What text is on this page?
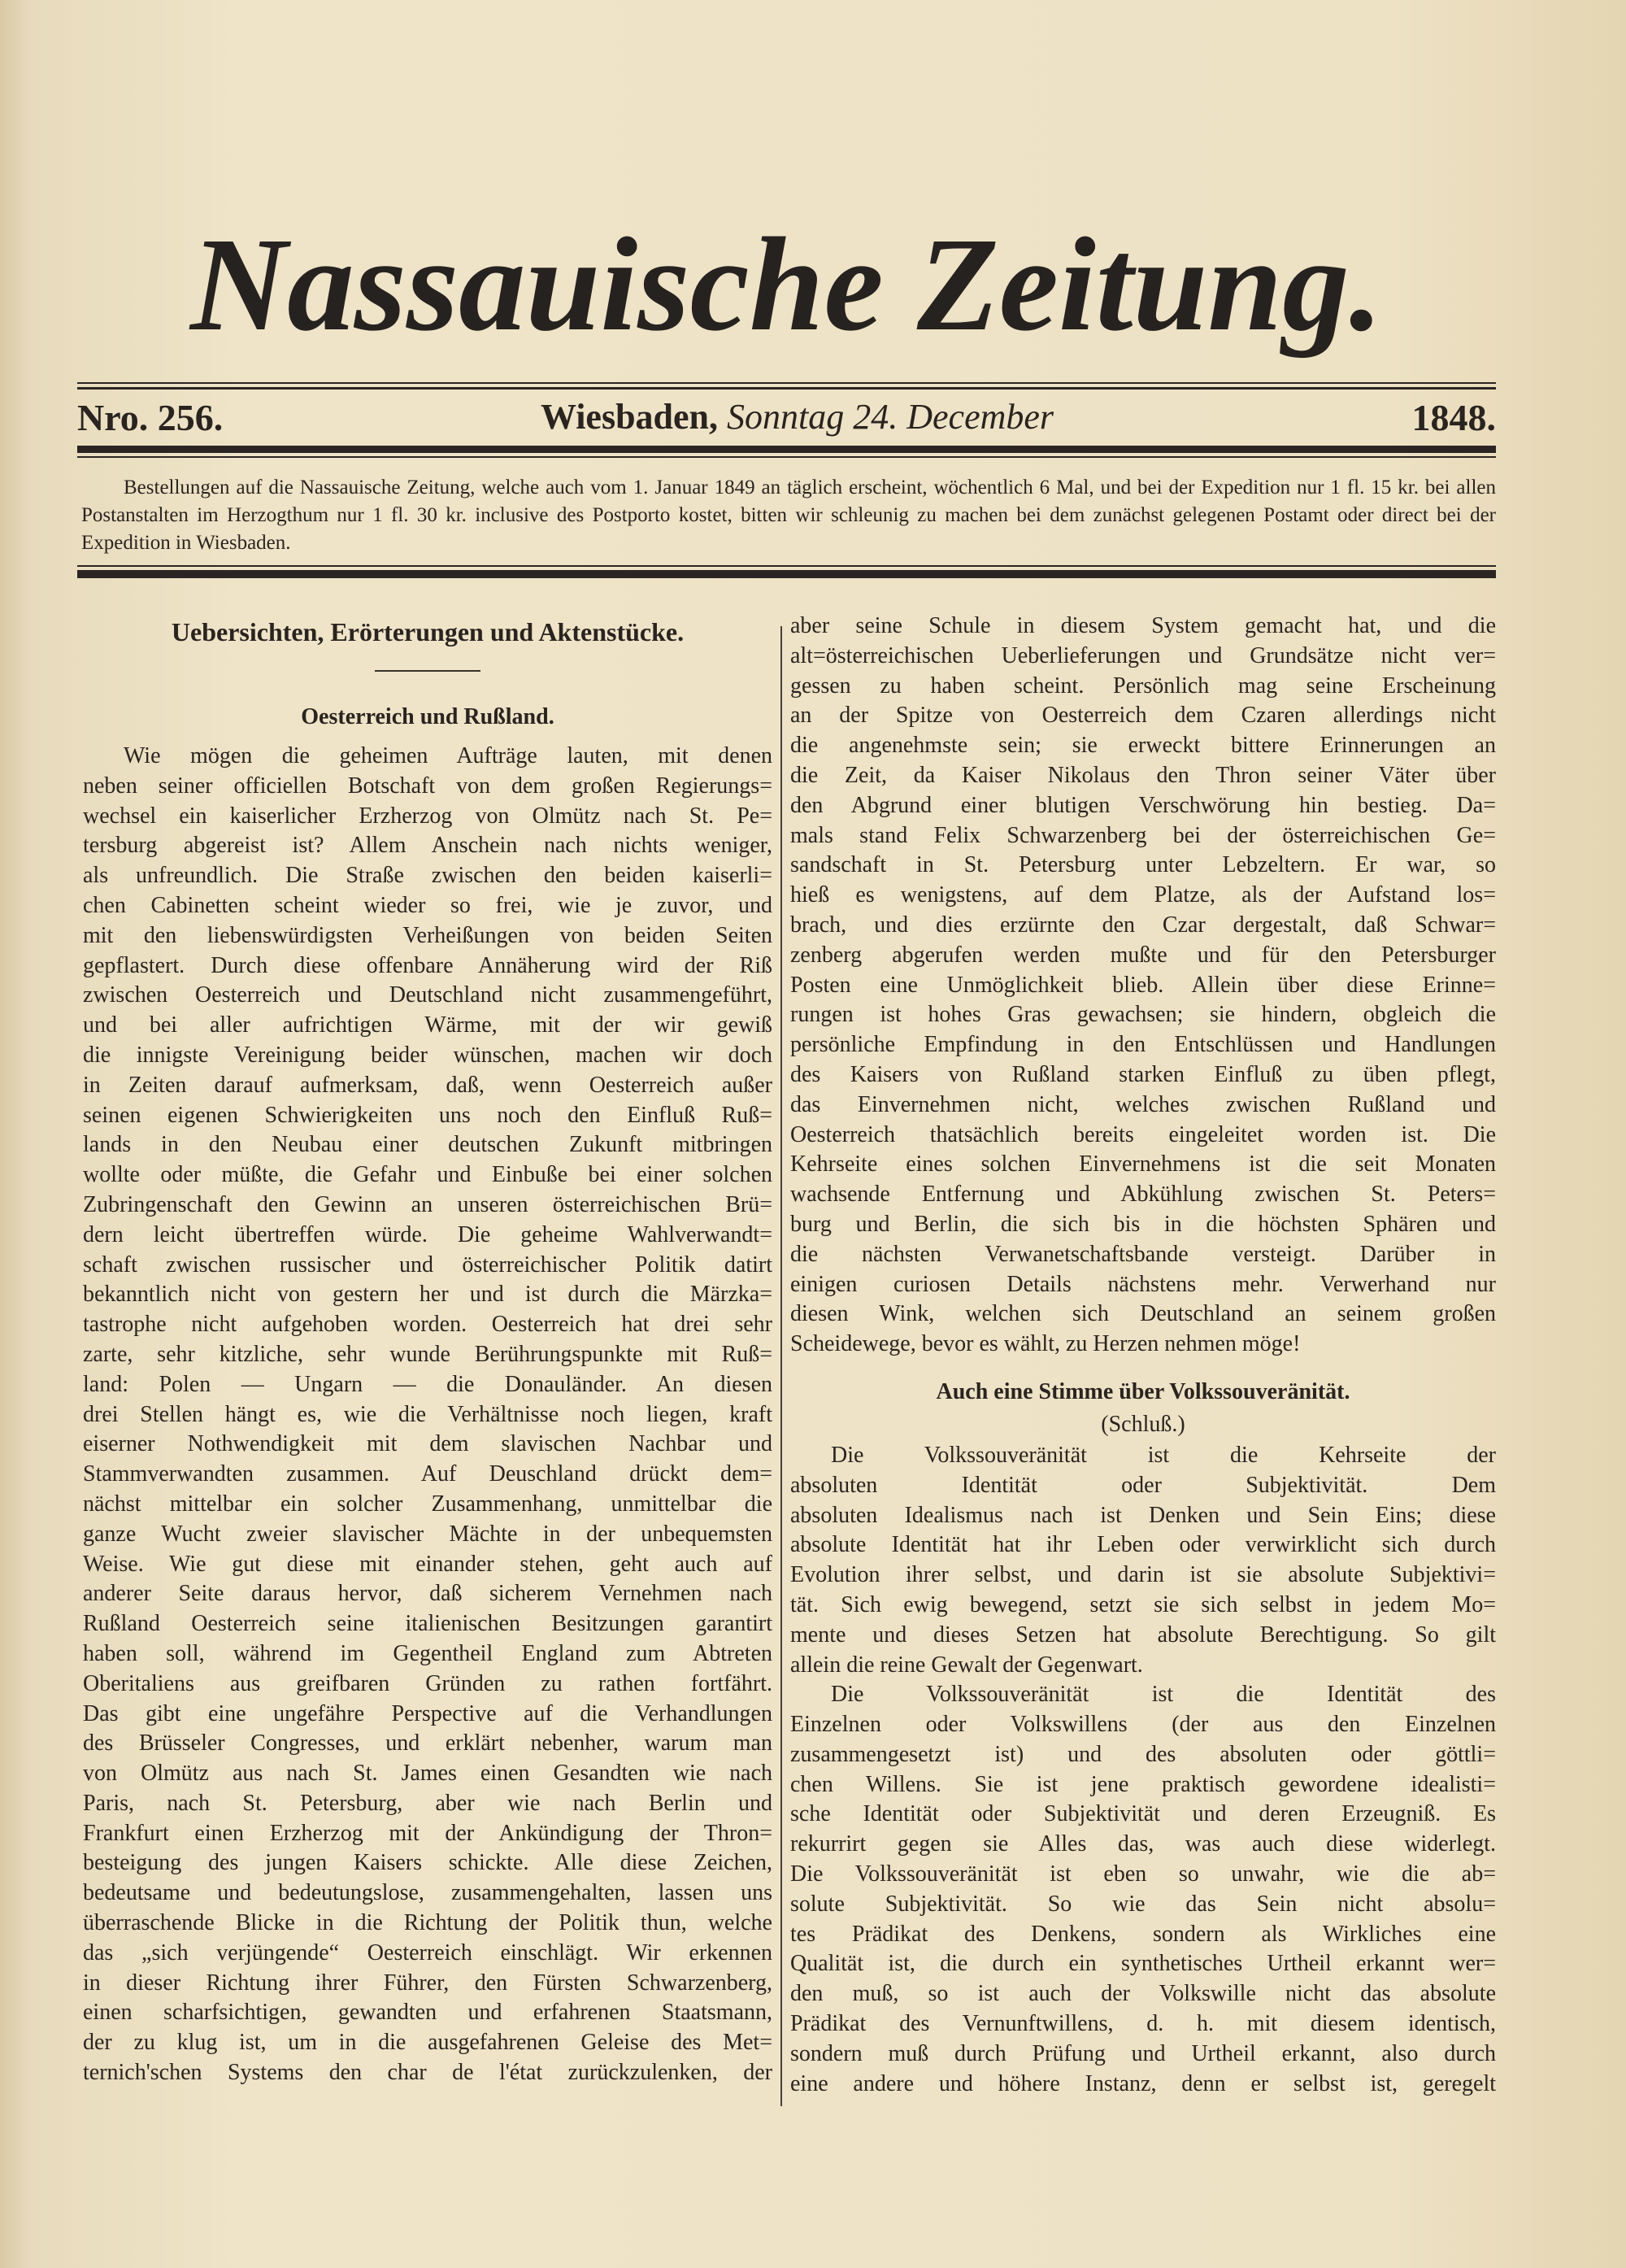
Nassauische Zeitung.
Nro. 256.	Wiesbaden, Sonntag 24. December	1848.

Bestellungen auf die Nassauische Zeitung, welche auch vom 1. Januar 1849 an täglich erscheint, wöchentlich 6 Mal, und bei der Expedition nur 1 fl. 15 kr. bei allen Postanstalten im Herzogthum nur 1 fl. 30 kr. inclusive des Postporto kostet, bitten wir schleunig zu machen bei dem zunächst gelegenen Postamt oder direct bei der Expedition in Wiesbaden.

Uebersichten, Erörterungen und Aktenstücke.
Oesterreich und Rußland.
Wie mögen die geheimen Aufträge lauten, mit denen
neben seiner officiellen Botschaft von dem großen Regierungs=
wechsel ein kaiserlicher Erzherzog von Olmütz nach St. Pe=
tersburg abgereist ist? Allem Anschein nach nichts weniger,
als unfreundlich. Die Straße zwischen den beiden kaiserli=
chen Cabinetten scheint wieder so frei, wie je zuvor, und
mit den liebenswürdigsten Verheißungen von beiden Seiten
gepflastert. Durch diese offenbare Annäherung wird der Riß
zwischen Oesterreich und Deutschland nicht zusammengeführt,
und bei aller aufrichtigen Wärme, mit der wir gewiß
die innigste Vereinigung beider wünschen, machen wir doch
in Zeiten darauf aufmerksam, daß, wenn Oesterreich außer
seinen eigenen Schwierigkeiten uns noch den Einfluß Ruß=
lands in den Neubau einer deutschen Zukunft mitbringen
wollte oder müßte, die Gefahr und Einbuße bei einer solchen
Zubringenschaft den Gewinn an unseren österreichischen Brü=
dern leicht übertreffen würde. Die geheime Wahlverwandt=
schaft zwischen russischer und österreichischer Politik datirt
bekanntlich nicht von gestern her und ist durch die Märzka=
tastrophe nicht aufgehoben worden. Oesterreich hat drei sehr
zarte, sehr kitzliche, sehr wunde Berührungspunkte mit Ruß=
land: Polen — Ungarn — die Donauländer. An diesen
drei Stellen hängt es, wie die Verhältnisse noch liegen, kraft
eiserner Nothwendigkeit mit dem slavischen Nachbar und
Stammverwandten zusammen. Auf Deuschland drückt dem=
nächst mittelbar ein solcher Zusammenhang, unmittelbar die
ganze Wucht zweier slavischer Mächte in der unbequemsten
Weise. Wie gut diese mit einander stehen, geht auch auf
anderer Seite daraus hervor, daß sicherem Vernehmen nach
Rußland Oesterreich seine italienischen Besitzungen garantirt
haben soll, während im Gegentheil England zum Abtreten
Oberitaliens aus greifbaren Gründen zu rathen fortfährt.
Das gibt eine ungefähre Perspective auf die Verhandlungen
des Brüsseler Congresses, und erklärt nebenher, warum man
von Olmütz aus nach St. James einen Gesandten wie nach
Paris, nach St. Petersburg, aber wie nach Berlin und
Frankfurt einen Erzherzog mit der Ankündigung der Thron=
besteigung des jungen Kaisers schickte. Alle diese Zeichen,
bedeutsame und bedeutungslose, zusammengehalten, lassen uns
überraschende Blicke in die Richtung der Politik thun, welche
das „sich verjüngende“ Oesterreich einschlägt. Wir erkennen
in dieser Richtung ihrer Führer, den Fürsten Schwarzenberg,
einen scharfsichtigen, gewandten und erfahrenen Staatsmann,
der zu klug ist, um in die ausgefahrenen Geleise des Met=
ternich'schen Systems den char de l'état zurückzulenken, der
aber seine Schule in diesem System gemacht hat, und die
alt=österreichischen Ueberlieferungen und Grundsätze nicht ver=
gessen zu haben scheint. Persönlich mag seine Erscheinung
an der Spitze von Oesterreich dem Czaren allerdings nicht
die angenehmste sein; sie erweckt bittere Erinnerungen an
die Zeit, da Kaiser Nikolaus den Thron seiner Väter über
den Abgrund einer blutigen Verschwörung hin bestieg. Da=
mals stand Felix Schwarzenberg bei der österreichischen Ge=
sandschaft in St. Petersburg unter Lebzeltern. Er war, so
hieß es wenigstens, auf dem Platze, als der Aufstand los=
brach, und dies erzürnte den Czar dergestalt, daß Schwar=
zenberg abgerufen werden mußte und für den Petersburger
Posten eine Unmöglichkeit blieb. Allein über diese Erinne=
rungen ist hohes Gras gewachsen; sie hindern, obgleich die
persönliche Empfindung in den Entschlüssen und Handlungen
des Kaisers von Rußland starken Einfluß zu üben pflegt,
das Einvernehmen nicht, welches zwischen Rußland und
Oesterreich thatsächlich bereits eingeleitet worden ist. Die
Kehrseite eines solchen Einvernehmens ist die seit Monaten
wachsende Entfernung und Abkühlung zwischen St. Peters=
burg und Berlin, die sich bis in die höchsten Sphären und
die nächsten Verwanetschaftsbande versteigt. Darüber in
einigen curiosen Details nächstens mehr. Verwerhand nur
diesen Wink, welchen sich Deutschland an seinem großen
Scheidewege, bevor es wählt, zu Herzen nehmen möge!
Auch eine Stimme über Volkssouveränität.
(Schluß.)
Die Volkssouveränität ist die Kehrseite der
absoluten Identität oder Subjektivität. Dem
absoluten Idealismus nach ist Denken und Sein Eins; diese
absolute Identität hat ihr Leben oder verwirklicht sich durch
Evolution ihrer selbst, und darin ist sie absolute Subjektivi=
tät. Sich ewig bewegend, setzt sie sich selbst in jedem Mo=
mente und dieses Setzen hat absolute Berechtigung. So gilt
allein die reine Gewalt der Gegenwart.
Die Volkssouveränität ist die Identität des
Einzelnen oder Volkswillens (der aus den Einzelnen
zusammengesetzt ist) und des absoluten oder göttli=
chen Willens. Sie ist jene praktisch gewordene idealisti=
sche Identität oder Subjektivität und deren Erzeugniß. Es
rekurrirt gegen sie Alles das, was auch diese widerlegt.
Die Volkssouveränität ist eben so unwahr, wie die ab=
solute Subjektivität. So wie das Sein nicht absolu=
tes Prädikat des Denkens, sondern als Wirkliches eine
Qualität ist, die durch ein synthetisches Urtheil erkannt wer=
den muß, so ist auch der Volkswille nicht das absolute
Prädikat des Vernunftwillens, d. h. mit diesem identisch,
sondern muß durch Prüfung und Urtheil erkannt, also durch
eine andere und höhere Instanz, denn er selbst ist, geregelt
